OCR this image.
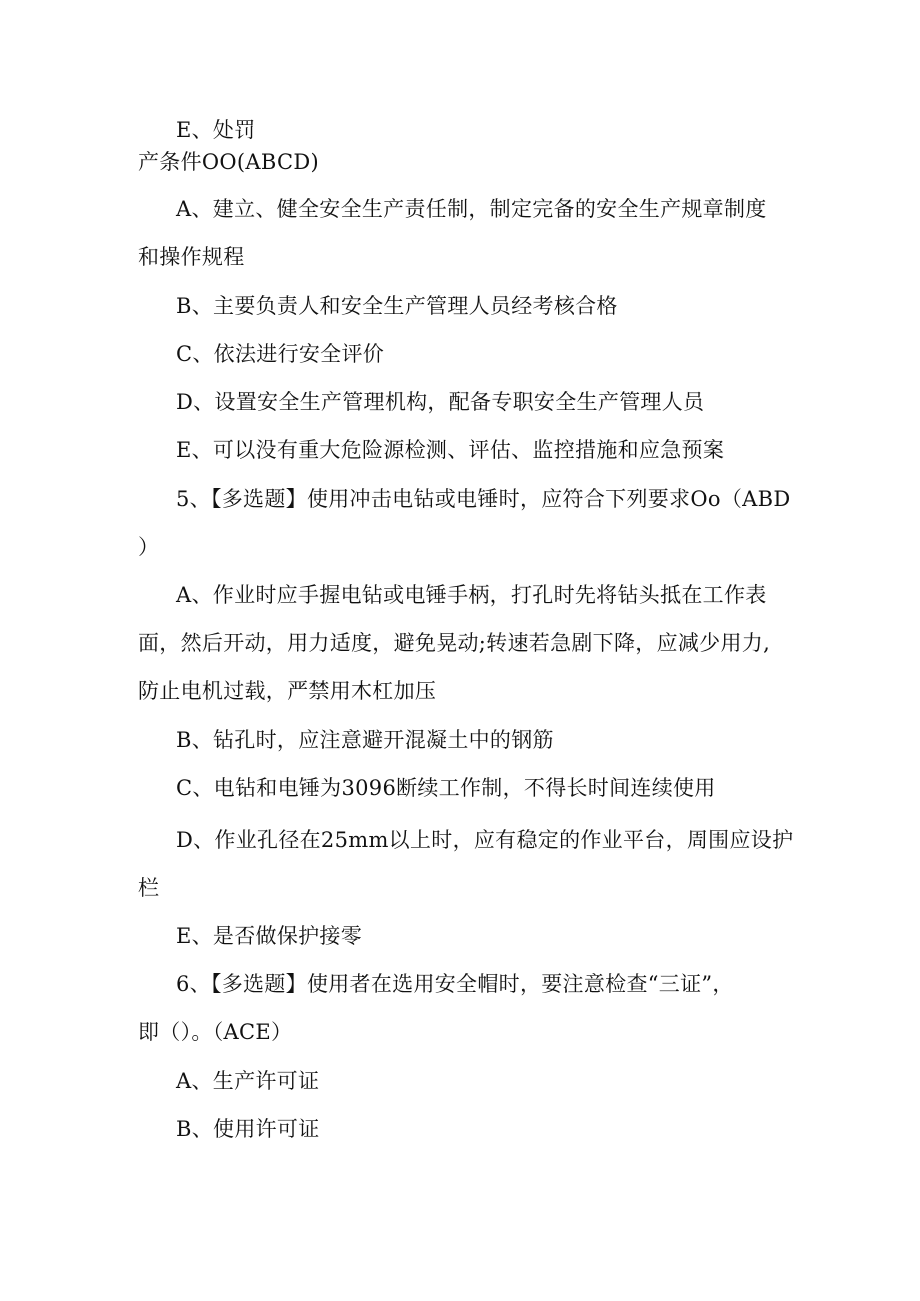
E、处罚
产条件OO(ABCD)
A、建立、健全安全生产责任制，制定完备的安全生产规章制度
和操作规程
B、主要负责人和安全生产管理人员经考核合格
C、依法进行安全评价
D、设置安全生产管理机构，配备专职安全生产管理人员
E、可以没有重大危险源检测、评估、监控措施和应急预案
5、【多选题】使用冲击电钻或电锤时，应符合下列要求Oo（ABD
）
A、作业时应手握电钻或电锤手柄，打孔时先将钻头抵在工作表
面，然后开动，用力适度，避免晃动;转速若急剧下降，应减少用力,
防止电机过载，严禁用木杠加压
B、钻孔时，应注意避开混凝土中的钢筋
C、电钻和电锤为3096断续工作制，不得长时间连续使用
D、作业孔径在25mm以上时，应有稳定的作业平台，周围应设护
栏
E、是否做保护接零
6、【多选题】使用者在选用安全帽时，要注意检查“三证”，
即（）。（ACE）
A、生产许可证
B、使用许可证
